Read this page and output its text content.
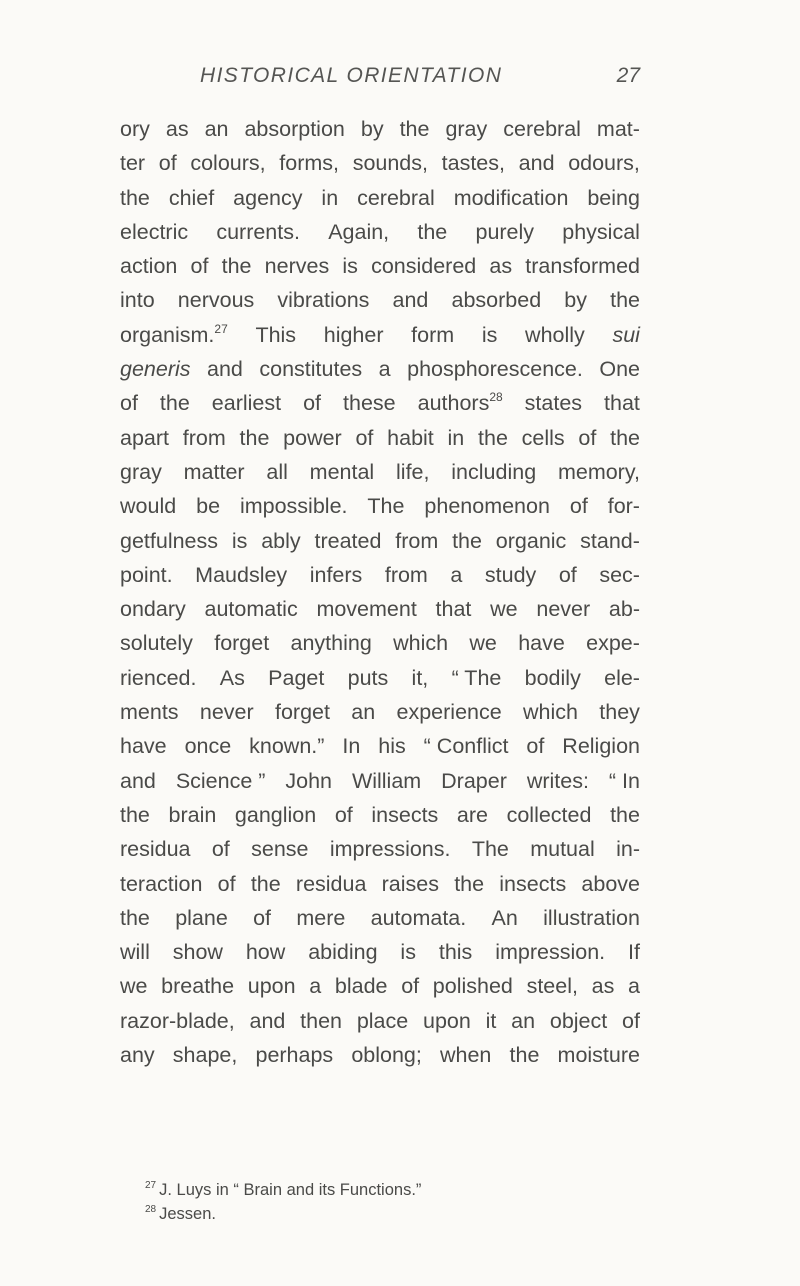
HISTORICAL ORIENTATION	27
ory as an absorption by the gray cerebral mat-
ter of colours, forms, sounds, tastes, and odours,
the chief agency in cerebral modification being
electric currents. Again, the purely physical
action of the nerves is considered as transformed
into nervous vibrations and absorbed by the
organism.$^{27}$ This higher form is wholly sui
generis and constitutes a phosphorescence. One
of the earliest of these authors$^{28}$ states that
apart from the power of habit in the cells of the
gray matter all mental life, including memory,
would be impossible. The phenomenon of for-
getfulness is ably treated from the organic stand-
point. Maudsley infers from a study of sec-
ondary automatic movement that we never ab-
solutely forget anything which we have expe-
rienced. As Paget puts it, “ The bodily ele-
ments never forget an experience which they
have once known.” In his “ Conflict of Religion
and Science ” John William Draper writes: “ In
the brain ganglion of insects are collected the
residua of sense impressions. The mutual in-
teraction of the residua raises the insects above
the plane of mere automata. An illustration
will show how abiding is this impression. If
we breathe upon a blade of polished steel, as a
razor-blade, and then place upon it an object of
any shape, perhaps oblong; when the moisture
$^{27}$ J. Luys in “ Brain and its Functions.”
$^{28}$ Jessen.
